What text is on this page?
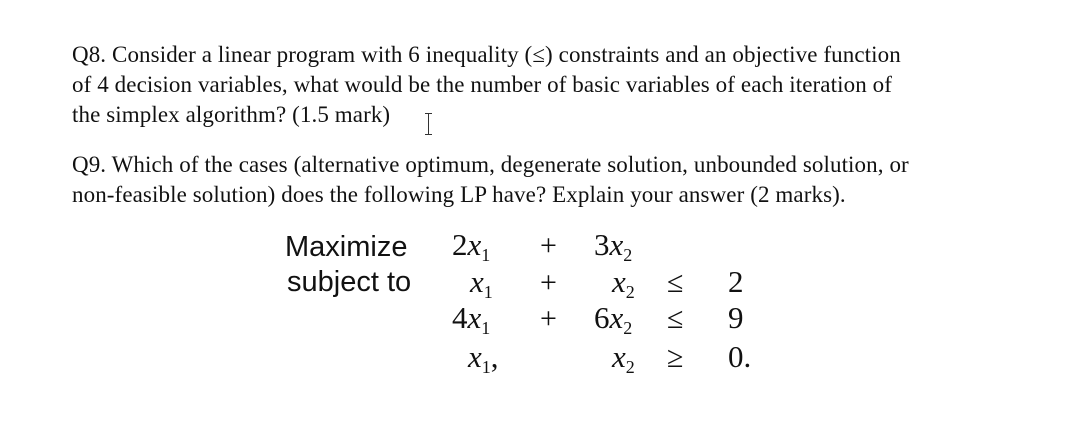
Q8. Consider a linear program with 6 inequality (≤) constraints and an objective function
of 4 decision variables, what would be the number of basic variables of each iteration of
the simplex algorithm? (1.5 mark)
Q9. Which of the cases (alternative optimum, degenerate solution, unbounded solution, or
non-feasible solution) does the following LP have? Explain your answer (2 marks).
Maximize
subject to
$2x_1 + 3x_2$
$x_1 + x_2 \le 2$
$4x_1 + 6x_2 \le 9$
$x_1$,	$x_2 \ge 0$.
